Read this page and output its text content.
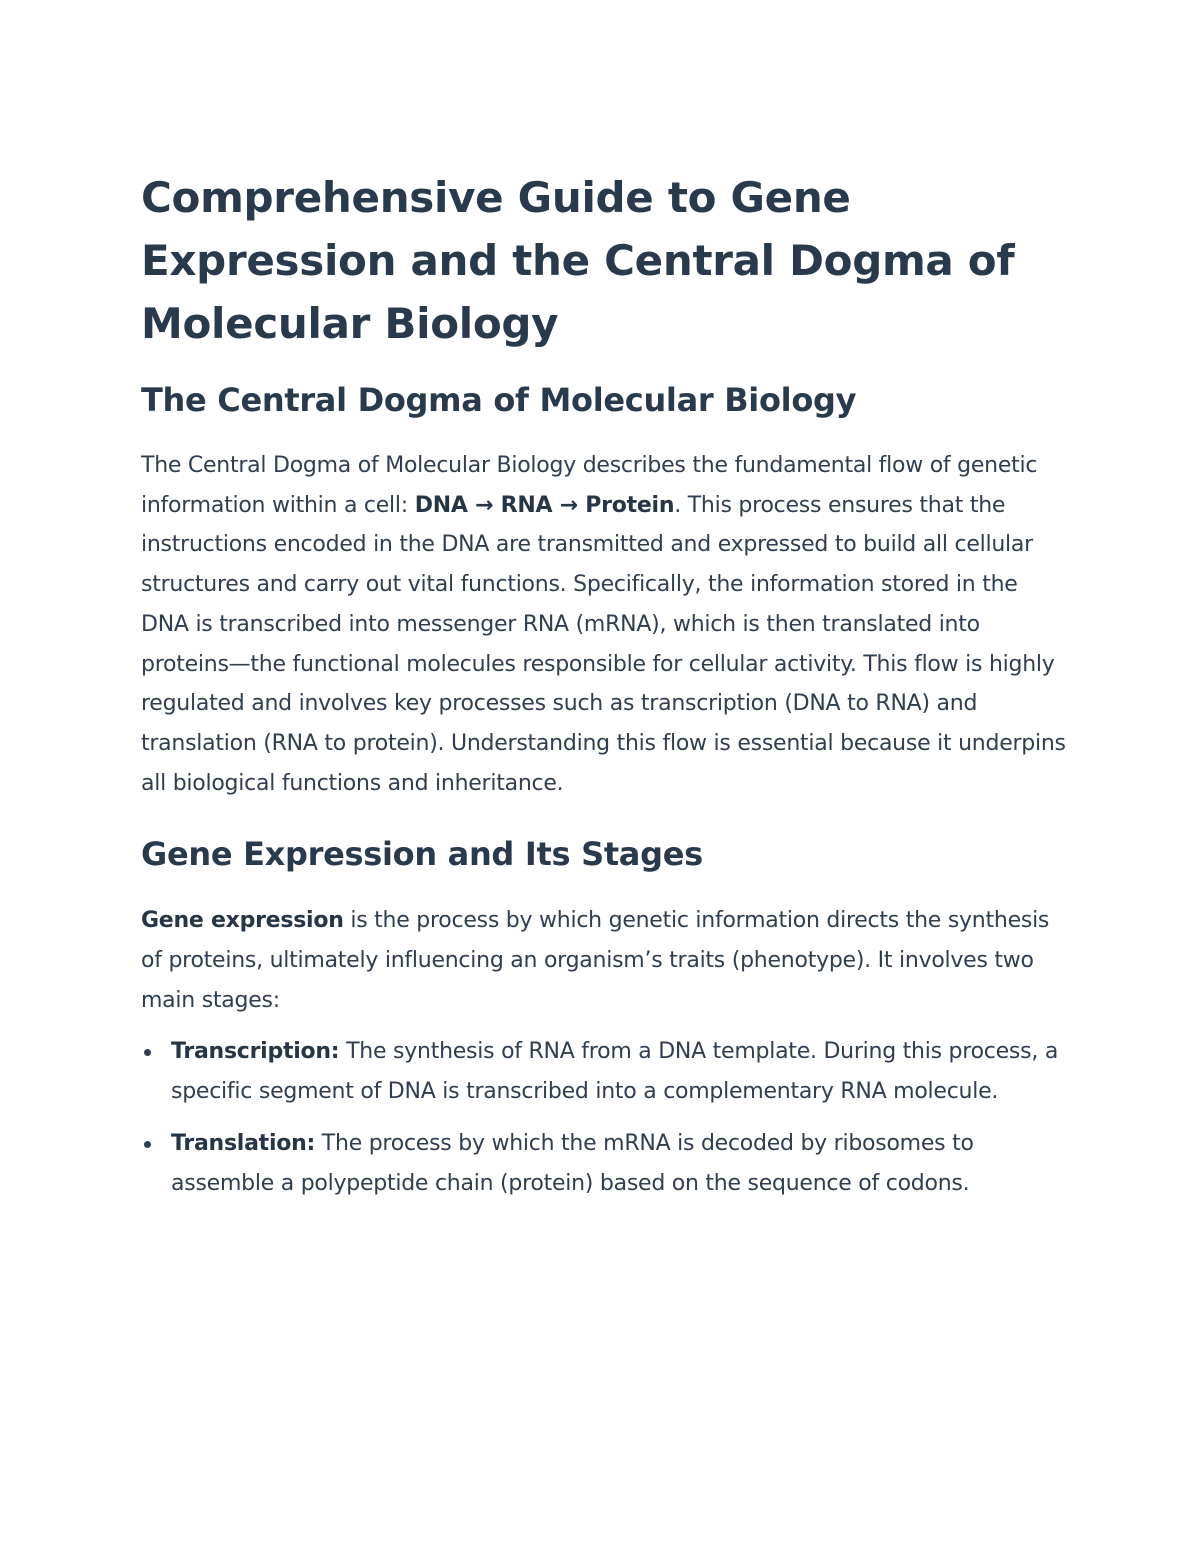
Comprehensive Guide to Gene Expression and the Central Dogma of Molecular Biology
The Central Dogma of Molecular Biology

The Central Dogma of Molecular Biology describes the fundamental flow of genetic information within a cell: DNA → RNA → Protein. This process ensures that the instructions encoded in the DNA are transmitted and expressed to build all cellular structures and carry out vital functions. Specifically, the information stored in the DNA is transcribed into messenger RNA (mRNA), which is then translated into proteins—the functional molecules responsible for cellular activity. This flow is highly regulated and involves key processes such as transcription (DNA to RNA) and translation (RNA to protein). Understanding this flow is essential because it underpins all biological functions and inheritance.

Gene Expression and Its Stages

Gene expression is the process by which genetic information directs the synthesis of proteins, ultimately influencing an organism’s traits (phenotype). It involves two main stages:

Transcription: The synthesis of RNA from a DNA template. During this process, a specific segment of DNA is transcribed into a complementary RNA molecule.
Translation: The process by which the mRNA is decoded by ribosomes to assemble a polypeptide chain (protein) based on the sequence of codons.
